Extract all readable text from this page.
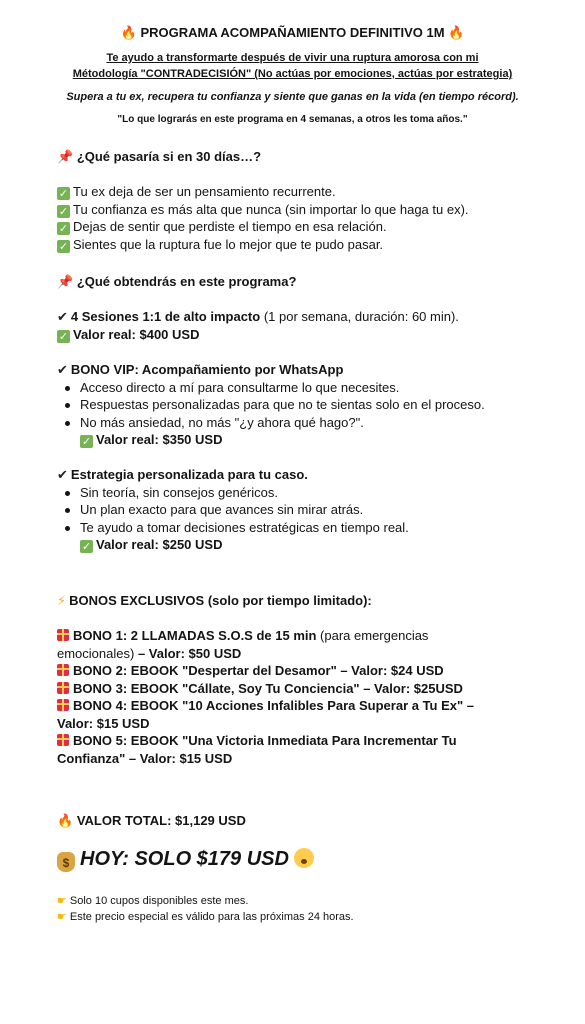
🔥 PROGRAMA ACOMPAÑAMIENTO DEFINITIVO 1M 🔥
Te ayudo a transformarte después de vivir una ruptura amorosa con mi
Métodología "CONTRADECISIÓN" (No actúas por emociones, actúas por estrategia)
Supera a tu ex, recupera tu confianza y siente que ganas en la vida (en tiempo récord).
"Lo que lograrás en este programa en 4 semanas, a otros les toma años."
📌 ¿Qué pasaría si en 30 días…?
✓ Tu ex deja de ser un pensamiento recurrente.
✓ Tu confianza es más alta que nunca (sin importar lo que haga tu ex).
✓ Dejas de sentir que perdiste el tiempo en esa relación.
✓ Sientes que la ruptura fue lo mejor que te pudo pasar.
📌 ¿Qué obtendrás en este programa?
✔ 4 Sesiones 1:1 de alto impacto (1 por semana, duración: 60 min).
✓ Valor real: $400 USD
✔ BONO VIP: Acompañamiento por WhatsApp
Acceso directo a mí para consultarme lo que necesites.
Respuestas personalizadas para que no te sientas solo en el proceso.
No más ansiedad, no más "¿y ahora qué hago?".
✓ Valor real: $350 USD
✔ Estrategia personalizada para tu caso.
Sin teoría, sin consejos genéricos.
Un plan exacto para que avances sin mirar atrás.
Te ayudo a tomar decisiones estratégicas en tiempo real.
✓ Valor real: $250 USD
⚡ BONOS EXCLUSIVOS (solo por tiempo limitado):
BONO 1: 2 LLAMADAS S.O.S de 15 min (para emergencias
emocionales) – Valor: $50 USD
BONO 2: EBOOK "Despertar del Desamor" – Valor: $24 USD
BONO 3: EBOOK "Cállate, Soy Tu Conciencia" – Valor: $25USD
BONO 4: EBOOK "10 Acciones Infalibles Para Superar a Tu Ex" –
Valor: $15 USD
BONO 5: EBOOK "Una Victoria Inmediata Para Incrementar Tu
Confianza" – Valor: $15 USD
🔥 VALOR TOTAL: $1,129 USD
$ HOY: SOLO $179 USD
☛ Solo 10 cupos disponibles este mes.
☛ Este precio especial es válido para las próximas 24 horas.
